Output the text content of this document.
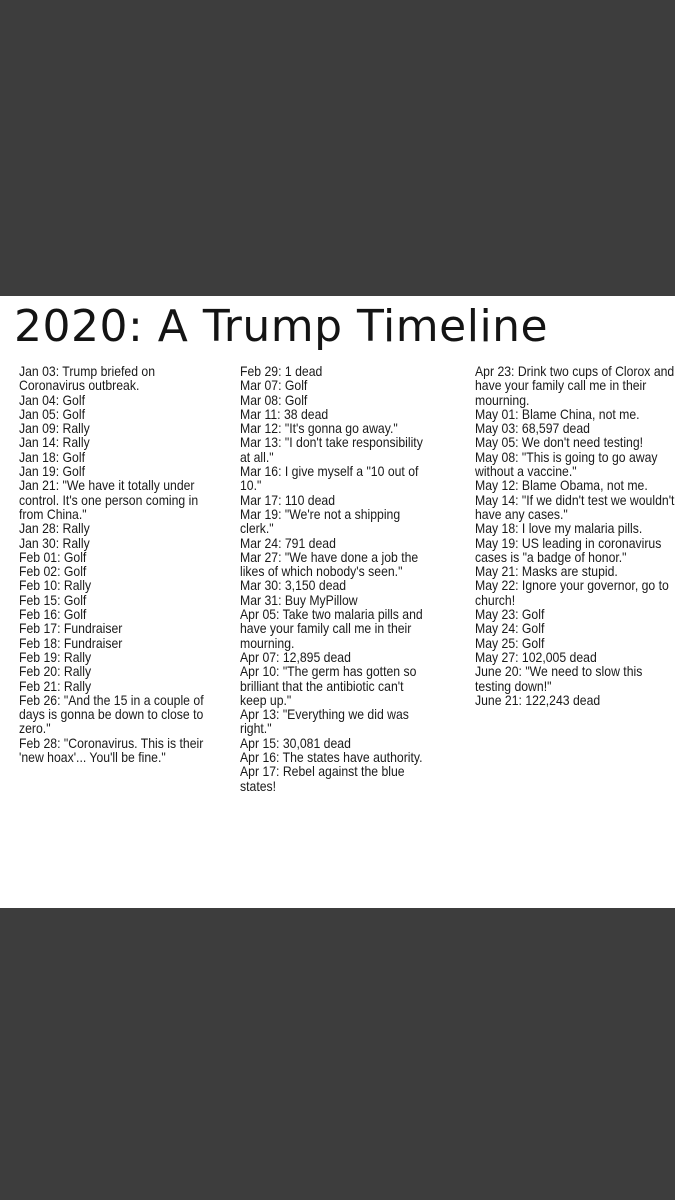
2020: A Trump Timeline

Jan 03: Trump briefed on Coronavirus outbreak.

Jan 04: Golf

Jan 05: Golf

Jan 09: Rally

Jan 14: Rally

Jan 18: Golf

Jan 19: Golf

Jan 21: "We have it totally under control. It's one person coming in from China."

Jan 28: Rally

Jan 30: Rally

Feb 01: Golf

Feb 02: Golf

Feb 10: Rally

Feb 15: Golf

Feb 16: Golf

Feb 17: Fundraiser

Feb 18: Fundraiser

Feb 19: Rally

Feb 20: Rally

Feb 21: Rally

Feb 26: "And the 15 in a couple of days is gonna be down to close to zero."

Feb 28: "Coronavirus. This is their 'new hoax'... You'll be fine."

Feb 29: 1 dead

Mar 07: Golf

Mar 08: Golf

Mar 11: 38 dead

Mar 12: "It's gonna go away."

Mar 13: "I don't take responsibility at all."

Mar 16: I give myself a "10 out of 10."

Mar 17: 110 dead

Mar 19: "We're not a shipping clerk."

Mar 24: 791 dead

Mar 27: "We have done a job the likes of which nobody's seen."

Mar 30: 3,150 dead

Mar 31: Buy MyPillow

Apr 05: Take two malaria pills and have your family call me in their mourning.

Apr 07: 12,895 dead

Apr 10: "The germ has gotten so brilliant that the antibiotic can't keep up."

Apr 13: "Everything we did was right."

Apr 15: 30,081 dead

Apr 16: The states have authority.

Apr 17: Rebel against the blue states!

Apr 23: Drink two cups of Clorox and have your family call me in their mourning.

May 01: Blame China, not me.

May 03: 68,597 dead

May 05: We don't need testing!

May 08: "This is going to go away without a vaccine."

May 12: Blame Obama, not me.

May 14: "If we didn't test we wouldn't have any cases."

May 18: I love my malaria pills.

May 19: US leading in coronavirus cases is "a badge of honor."

May 21: Masks are stupid.

May 22: Ignore your governor, go to church!

May 23: Golf

May 24: Golf

May 25: Golf

May 27: 102,005 dead

June 20: "We need to slow this testing down!"

June 21: 122,243 dead
